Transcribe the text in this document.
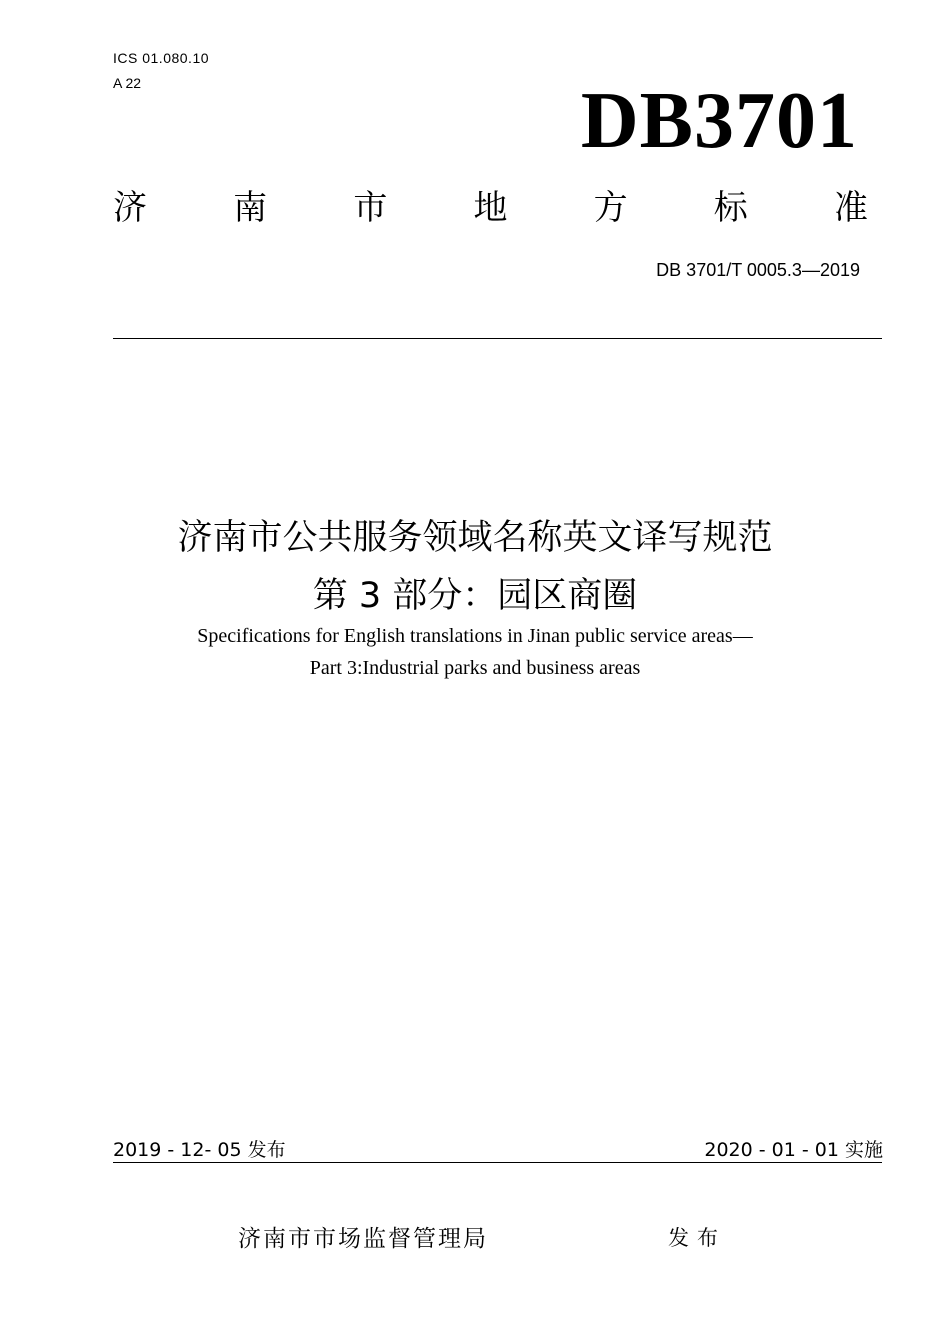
ICS 01.080.10
A 22	DB3701
济	南	市	地	方	标	准
DB 3701/T 0005.3—2019
济南市公共服务领域名称英文译写规范
第 3 部分：园区商圈
Specifications for English translations in Jinan public service areas—
Part 3:Industrial parks and business areas
2019 - 12- 05 发布	2020 - 01 - 01 实施
济南市市场监督管理局	发布
